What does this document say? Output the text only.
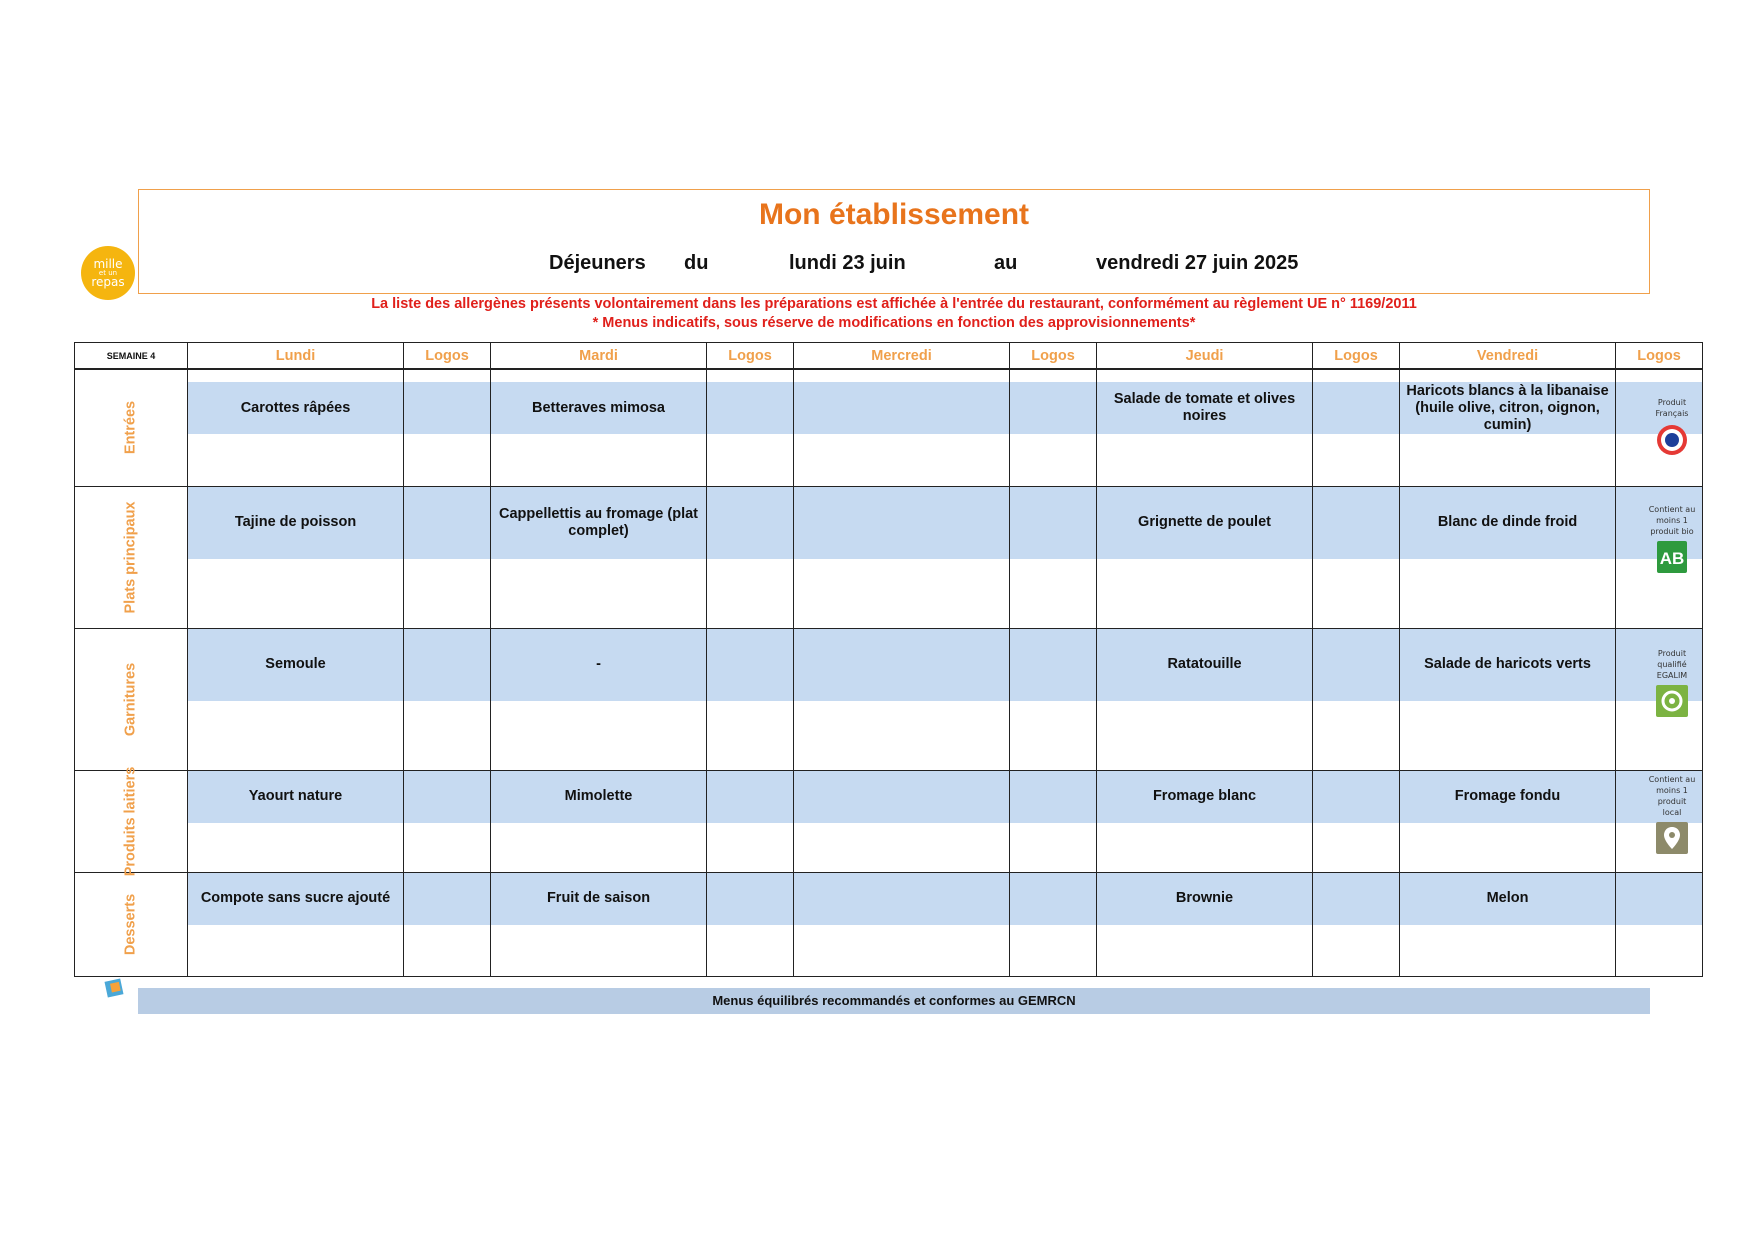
mille
et un
repas
Mon établissement
Déjeuners du	lundi 23 juin	au	vendredi 27 juin 2025
La liste des allergènes présents volontairement dans les préparations est affichée à l'entrée du restaurant, conformément au règlement UE n° 1169/2011
* Menus indicatifs, sous réserve de modifications en fonction des approvisionnements*
SEMAINE 4	Lundi	Logos	Mardi	Logos	Mercredi	Logos	Jeudi	Logos	Vendredi	Logos

Entrées	Carottes râpées		Betteraves mimosa				Salade de tomate et olives noires		Haricots blancs à la libanaise (huile olive, citron, oignon, cumin)	

Plats principaux	Tajine de poisson		Cappellettis au fromage (plat complet)				Grignette de poulet		Blanc de dinde froid	

Garnitures	Semoule		-				Ratatouille		Salade de haricots verts	

Produits laitiers	Yaourt nature		Mimolette				Fromage blanc		Fromage fondu	

Desserts	Compote sans sucre ajouté		Fruit de saison				Brownie		Melon	

Produit Français
Contient au moins 1 produit bio
AB
Produit qualifié EGALIM
Contient au moins 1 produit local
Menus équilibrés recommandés et conformes au GEMRCN
